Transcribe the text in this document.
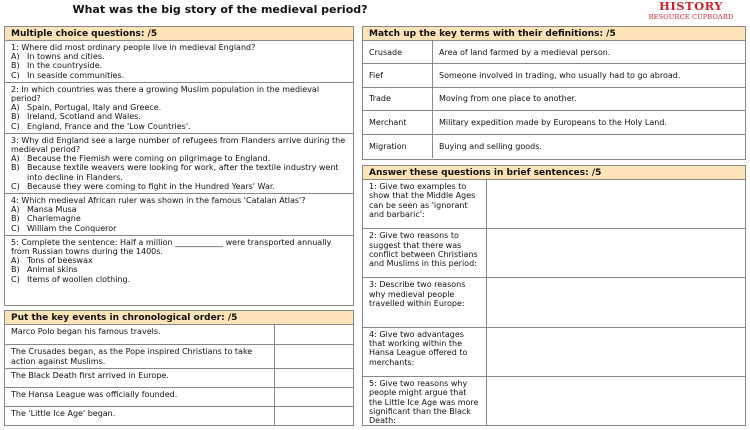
What was the big story of the medieval period?	HISTORY
RESOURCE CUPBOARD
Multiple choice questions: /5
1: Where did most ordinary people live in medieval England?
A) In towns and cities.
B) In the countryside.
C) In seaside communities.
2: In which countries was there a growing Muslim population in the medieval period?
A) Spain, Portugal, Italy and Greece.
B) Ireland, Scotland and Wales.
C) England, France and the 'Low Countries'.
3: Why did England see a large number of refugees from Flanders arrive during the medieval period?
A) Because the Flemish were coming on pilgrimage to England.
B) Because textile weavers were looking for work, after the textile industry went into decline in Flanders.
C) Because they were coming to fight in the Hundred Years' War.
4: Which medieval African ruler was shown in the famous 'Catalan Atlas'?
A) Mansa Musa
B) Charlemagne
C) William the Conqueror
5: Complete the sentence: Half a million ____________ were transported annually from Russian towns during the 1400s.
A) Tons of beeswax
B) Animal skins
C) Items of woollen clothing.
Put the key events in chronological order: /5
Marco Polo began his famous travels.
The Crusades began, as the Pope inspired Christians to take action against Muslims.
The Black Death first arrived in Europe.
The Hansa League was officially founded.
The 'Little Ice Age' began.
Match up the key terms with their definitions: /5
Crusade	Area of land farmed by a medieval person.
Fief	Someone involved in trading, who usually had to go abroad.
Trade	Moving from one place to another.
Merchant	Military expedition made by Europeans to the Holy Land.
Migration	Buying and selling goods.
Answer these questions in brief sentences: /5
1: Give two examples to show that the Middle Ages can be seen as 'ignorant and barbaric':
2: Give two reasons to suggest that there was conflict between Christians and Muslims in this period:
3: Describe two reasons why medieval people travelled within Europe:
4: Give two advantages that working within the Hansa League offered to merchants:
5: Give two reasons why people might argue that the Little Ice Age was more significant than the Black Death:
